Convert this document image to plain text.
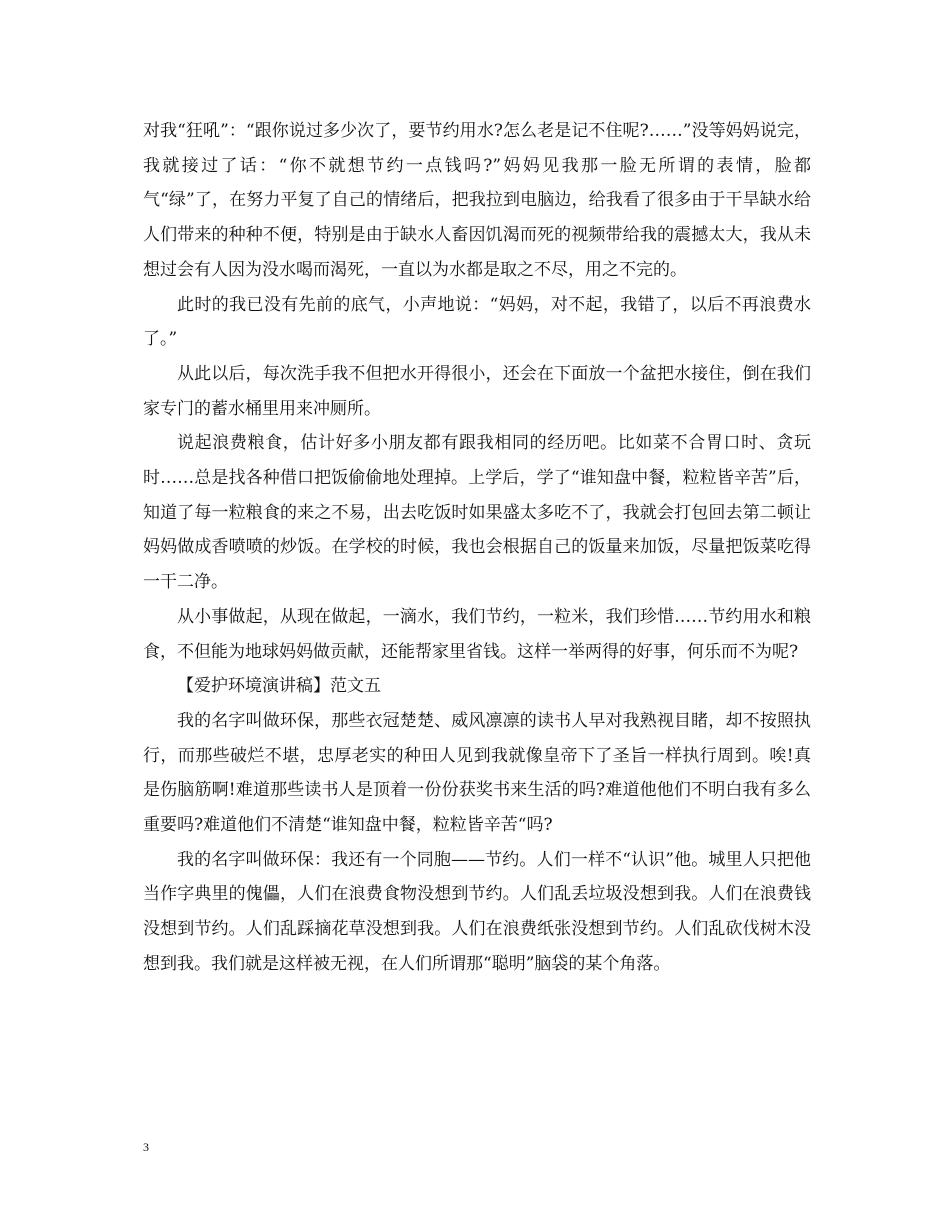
对我“狂吼”：“跟你说过多少次了，要节约用水?怎么老是记不住呢?……”没等妈妈说完，我就接过了话：“你不就想节约一点钱吗?”妈妈见我那一脸无所谓的表情，脸都气“绿”了，在努力平复了自己的情绪后，把我拉到电脑边，给我看了很多由于干旱缺水给人们带来的种种不便，特别是由于缺水人畜因饥渴而死的视频带给我的震撼太大，我从未想过会有人因为没水喝而渴死，一直以为水都是取之不尽，用之不完的。

此时的我已没有先前的底气，小声地说：“妈妈，对不起，我错了，以后不再浪费水了。”

从此以后，每次洗手我不但把水开得很小，还会在下面放一个盆把水接住，倒在我们家专门的蓄水桶里用来冲厕所。

说起浪费粮食，估计好多小朋友都有跟我相同的经历吧。比如菜不合胃口时、贪玩时……总是找各种借口把饭偷偷地处理掉。上学后，学了“谁知盘中餐，粒粒皆辛苦”后，知道了每一粒粮食的来之不易，出去吃饭时如果盛太多吃不了，我就会打包回去第二顿让妈妈做成香喷喷的炒饭。在学校的时候，我也会根据自己的饭量来加饭，尽量把饭菜吃得一干二净。

从小事做起，从现在做起，一滴水，我们节约，一粒米，我们珍惜……节约用水和粮食，不但能为地球妈妈做贡献，还能帮家里省钱。这样一举两得的好事，何乐而不为呢?

【爱护环境演讲稿】范文五

我的名字叫做环保，那些衣冠楚楚、威风凛凛的读书人早对我熟视目睹，却不按照执行，而那些破烂不堪，忠厚老实的种田人见到我就像皇帝下了圣旨一样执行周到。唉!真是伤脑筋啊!难道那些读书人是顶着一份份获奖书来生活的吗?难道他他们不明白我有多么重要吗?难道他们不清楚“谁知盘中餐，粒粒皆辛苦“吗?

我的名字叫做环保：我还有一个同胞——节约。人们一样不“认识”他。城里人只把他当作字典里的傀儡，人们在浪费食物没想到节约。人们乱丢垃圾没想到我。人们在浪费钱没想到节约。人们乱踩摘花草没想到我。人们在浪费纸张没想到节约。人们乱砍伐树木没想到我。我们就是这样被无视，在人们所谓那“聪明”脑袋的某个角落。

3
